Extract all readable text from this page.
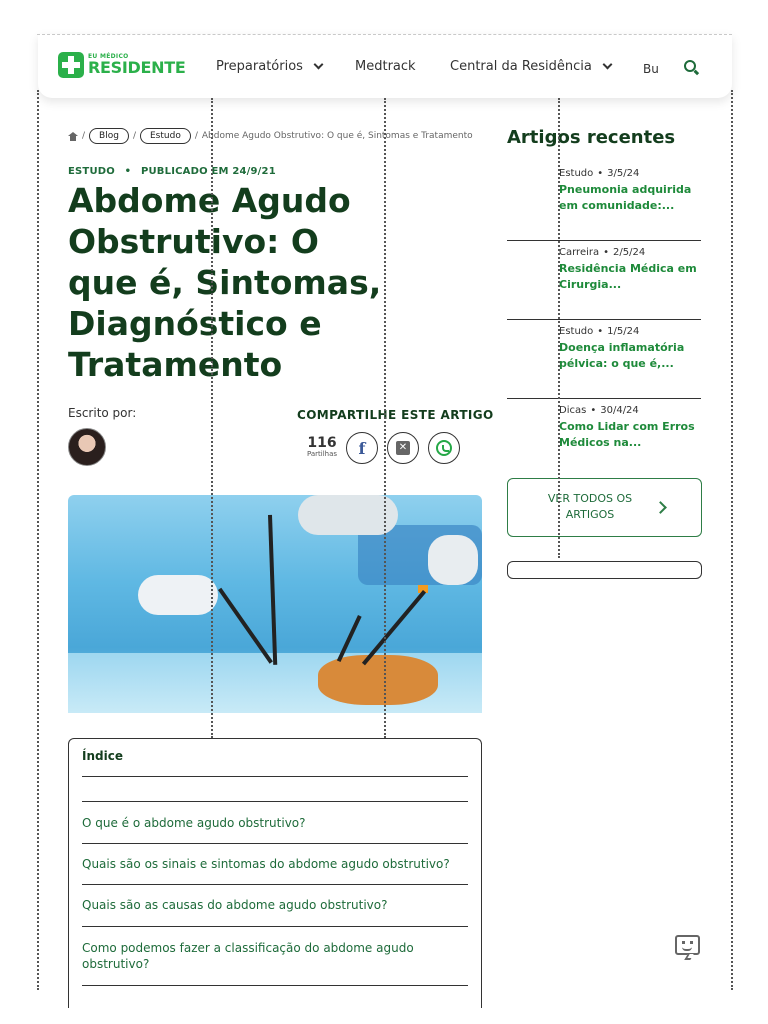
EU MÉDICO
RESIDENTE Preparatórios	Medtrack	Central da Residência	Bu
/	Blog	/	Estudo	/ Abdome Agudo Obstrutivo: O que é, Sintomas e Tratamento
ESTUDO • PUBLICADO EM 24/9/21
Abdome Agudo Obstrutivo: O que é, Sintomas, Diagnóstico e Tratamento
Escrito por:	COMPARTILHE ESTE ARTIGO
116
Partilhas	f	✕
Índice
O que é o abdome agudo obstrutivo?
Quais são os sinais e sintomas do abdome agudo obstrutivo?
Quais são as causas do abdome agudo obstrutivo?
Como podemos fazer a classificação do abdome agudo obstrutivo?
Artigos recentes
Estudo • 3/5/24
Pneumonia adquirida em comunidade:...
Carreira • 2/5/24
Residência Médica em Cirurgia...
Estudo • 1/5/24
Doença inflamatória pélvica: o que é,...
Dicas • 30/4/24
Como Lidar com Erros Médicos na...
VER TODOS OS ARTIGOS
